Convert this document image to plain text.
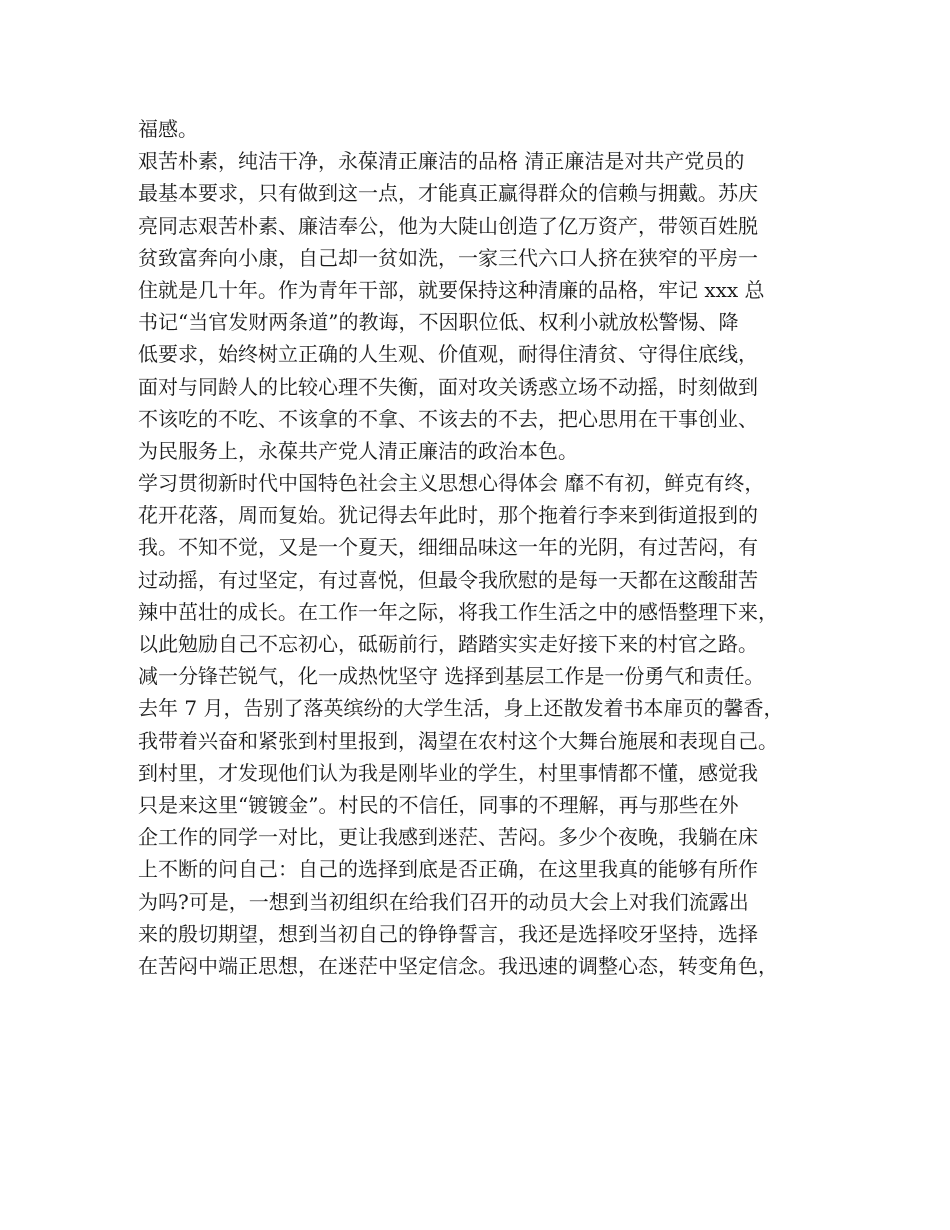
福感。
艰苦朴素，纯洁干净，永葆清正廉洁的品格 清正廉洁是对共产党员的
最基本要求，只有做到这一点，才能真正赢得群众的信赖与拥戴。苏庆
亮同志艰苦朴素、廉洁奉公，他为大陡山创造了亿万资产，带领百姓脱
贫致富奔向小康，自己却一贫如洗，一家三代六口人挤在狭窄的平房一
住就是几十年。作为青年干部，就要保持这种清廉的品格，牢记 xxx 总
书记“当官发财两条道”的教诲，不因职位低、权利小就放松警惕、降
低要求，始终树立正确的人生观、价值观，耐得住清贫、守得住底线，
面对与同龄人的比较心理不失衡，面对攻关诱惑立场不动摇，时刻做到
不该吃的不吃、不该拿的不拿、不该去的不去，把心思用在干事创业、
为民服务上，永葆共产党人清正廉洁的政治本色。
学习贯彻新时代中国特色社会主义思想心得体会 靡不有初，鲜克有终，
花开花落，周而复始。犹记得去年此时，那个拖着行李来到街道报到的
我。不知不觉，又是一个夏天，细细品味这一年的光阴，有过苦闷，有
过动摇，有过坚定，有过喜悦，但最令我欣慰的是每一天都在这酸甜苦
辣中茁壮的成长。在工作一年之际，将我工作生活之中的感悟整理下来，
以此勉励自己不忘初心，砥砺前行，踏踏实实走好接下来的村官之路。
减一分锋芒锐气，化一成热忱坚守 选择到基层工作是一份勇气和责任。
去年 7 月，告别了落英缤纷的大学生活，身上还散发着书本扉页的馨香，
我带着兴奋和紧张到村里报到，渴望在农村这个大舞台施展和表现自己。
到村里，才发现他们认为我是刚毕业的学生，村里事情都不懂，感觉我
只是来这里“镀镀金”。村民的不信任，同事的不理解，再与那些在外
企工作的同学一对比，更让我感到迷茫、苦闷。多少个夜晚，我躺在床
上不断的问自己：自己的选择到底是否正确，在这里我真的能够有所作
为吗?可是，一想到当初组织在给我们召开的动员大会上对我们流露出
来的殷切期望，想到当初自己的铮铮誓言，我还是选择咬牙坚持，选择
在苦闷中端正思想，在迷茫中坚定信念。我迅速的调整心态，转变角色，
